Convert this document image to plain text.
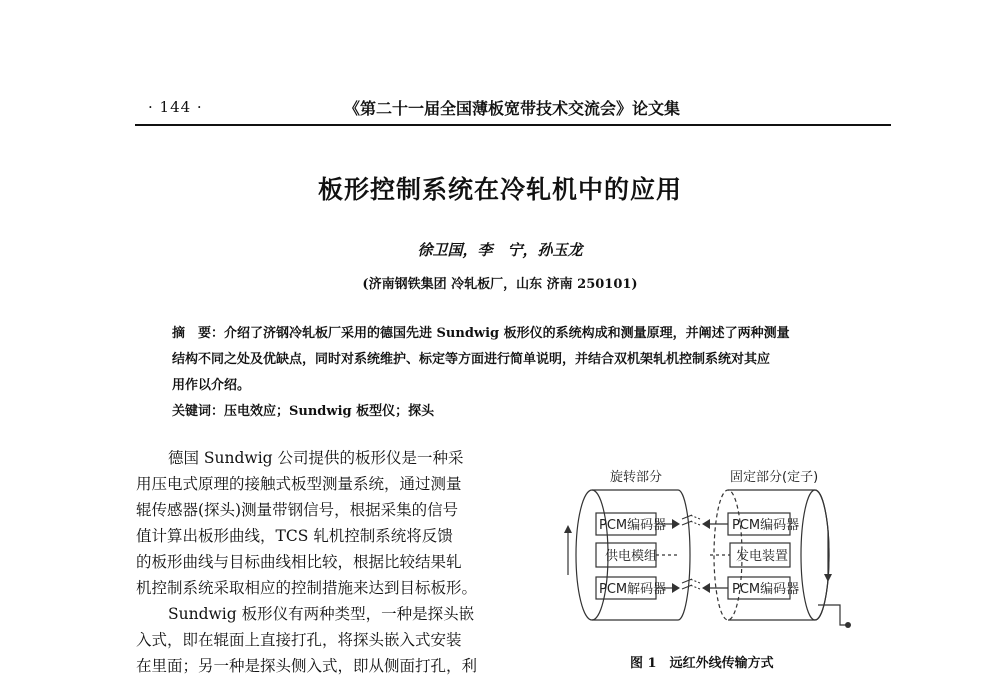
· 144 ·	《第二十一届全国薄板宽带技术交流会》论文集
板形控制系统在冷轧机中的应用
徐卫国，李　宁，孙玉龙
(济南钢铁集团 冷轧板厂，山东 济南 250101)
摘　要：介绍了济钢冷轧板厂采用的德国先进 Sundwig 板形仪的系统构成和测量原理，并阐述了两种测量
结构不同之处及优缺点，同时对系统维护、标定等方面进行简单说明，并结合双机架轧机控制系统对其应
用作以介绍。
关键词：压电效应；Sundwig 板型仪；探头
德国 Sundwig 公司提供的板形仪是一种采
用压电式原理的接触式板型测量系统，通过测量
辊传感器(探头)测量带钢信号，根据采集的信号
值计算出板形曲线，TCS 轧机控制系统将反馈
的板形曲线与目标曲线相比较，根据比较结果轧
机控制系统采取相应的控制措施来达到目标板形。
Sundwig 板形仪有两种类型，一种是探头嵌
入式，即在辊面上直接打孔，将探头嵌入式安装
在里面；另一种是探头侧入式，即从侧面打孔，利
旋转部分	固定部分(定子)
PCM编码器
供电模组
PCM解码器
PCM编码器
发电装置
PCM编码器
图 1　远红外线传输方式
